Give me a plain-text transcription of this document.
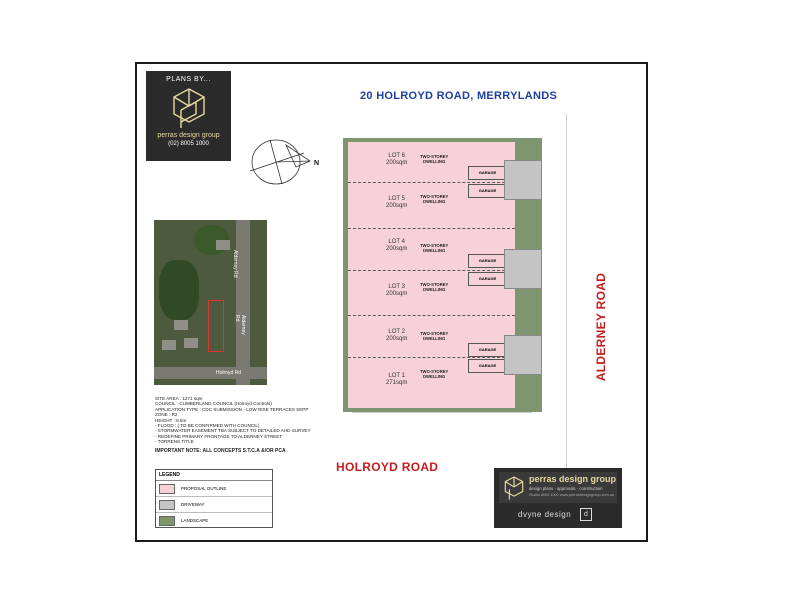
PLANS BY...
perras design group
(02) 8005 1000
20 HOLROYD ROAD, MERRYLANDS
N
Alderney Rd
Alderney Rd
Holroyd Rd
SITE AREA : 1271 sqm
COUNCIL : CUMBERLAND COUNCIL (Holroyd Controls)
APPLICATION TYPE : CDC SUBMISSION - LOW RISE TERRACES SEPP
ZONE : R2
HEIGHT : 8.5m
- FLOOD : ( TO BE CONFIRMED WITH COUNCIL)
- STORMWATER EASEMENT TBA SUBJECT TO DETAILED AHD SURVEY
- REDEFINE PRIMARY FRONTAGE TO ALDERNEY STREET
- TORRENS TITLE
IMPORTANT NOTE: ALL CONCEPTS S.T.C.A &/OR PCA
LEGEND
PROPOSAL OUTLINE
DRIVEWAY
LANDSCAPE
LOT 6
200sqm
TWO-STOREY
DWELLING
GARAGE
LOT 5
200sqm
TWO-STOREY
DWELLING
GARAGE
LOT 4
200sqm
TWO-STOREY
DWELLING
GARAGE
LOT 3
200sqm
TWO-STOREY
DWELLING
GARAGE
LOT 2
200sqm
TWO-STOREY
DWELLING
GARAGE
LOT 1
271sqm
TWO-STOREY
DWELLING
GARAGE	ALDERNEY ROAD
HOLROYD ROAD
perras design group
design plans · approvals · construction
Studio 8005 1000 www.perrasdesigngroup.com.au
dvyne design	d
